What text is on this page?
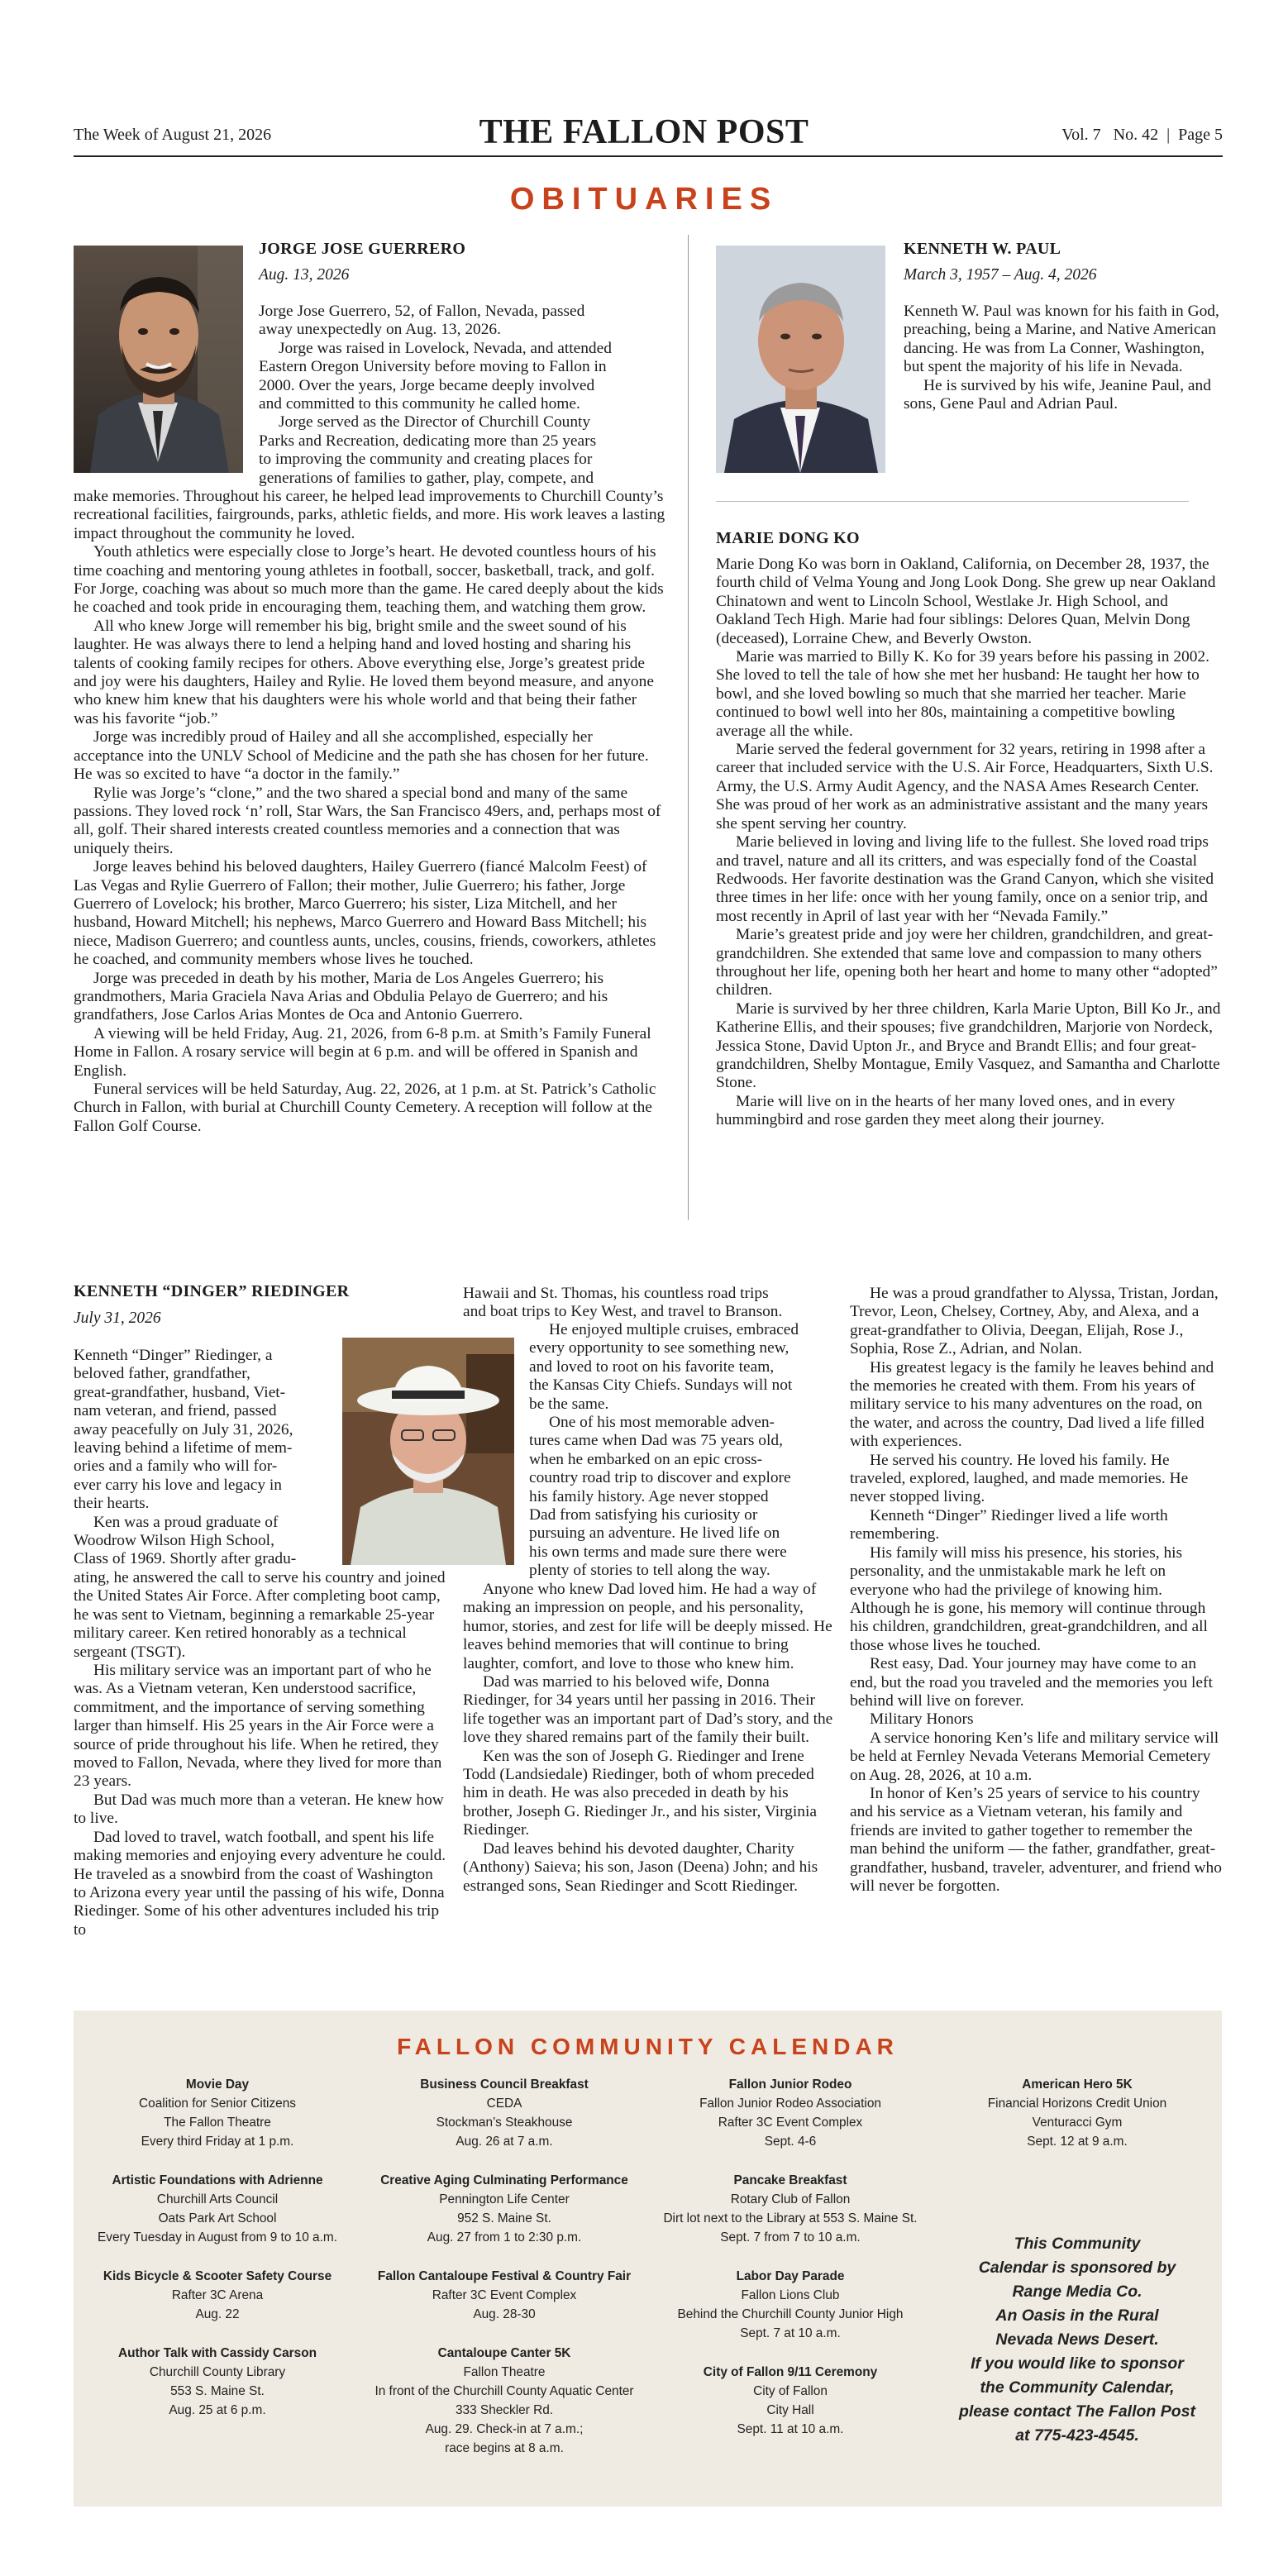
The Week of August 21, 2026	THE FALLON POST	Vol. 7   No. 42  |  Page 5
OBITUARIES
JORGE JOSE GUERRERO
Aug. 13, 2026
Jorge Jose Guerrero, 52, of Fallon, Nevada, passed
away unexpectedly on Aug. 13, 2026.
Jorge was raised in Lovelock, Nevada, and attended
Eastern Oregon University before moving to Fallon in
2000. Over the years, Jorge became deeply involved
and committed to this community he called home.
Jorge served as the Director of Churchill County
Parks and Recreation, dedicating more than 25 years
to improving the community and creating places for
generations of families to gather, play, compete, and

make memories. Throughout his career, he helped lead improvements to Churchill County’s recreational facilities, fairgrounds, parks, athletic fields, and more. His work leaves a lasting impact throughout the community he loved.

Youth athletics were especially close to Jorge’s heart. He devoted countless hours of his time coaching and mentoring young athletes in football, soccer, basketball, track, and golf. For Jorge, coaching was about so much more than the game. He cared deeply about the kids he coached and took pride in encouraging them, teaching them, and watching them grow.

All who knew Jorge will remember his big, bright smile and the sweet sound of his laughter. He was always there to lend a helping hand and loved hosting and sharing his talents of cooking family recipes for others. Above everything else, Jorge’s greatest pride and joy were his daughters, Hailey and Rylie. He loved them beyond measure, and anyone who knew him knew that his daughters were his whole world and that being their father was his favorite “job.”

Jorge was incredibly proud of Hailey and all she accomplished, especially her acceptance into the UNLV School of Medicine and the path she has chosen for her future. He was so excited to have “a doctor in the family.”

Rylie was Jorge’s “clone,” and the two shared a special bond and many of the same passions. They loved rock ‘n’ roll, Star Wars, the San Francisco 49ers, and, perhaps most of all, golf. Their shared interests created countless memories and a connection that was uniquely theirs.

Jorge leaves behind his beloved daughters, Hailey Guerrero (fiancé Malcolm Feest) of Las Vegas and Rylie Guerrero of Fallon; their mother, Julie Guerrero; his father, Jorge Guerrero of Lovelock; his brother, Marco Guerrero; his sister, Liza Mitchell, and her husband, Howard Mitchell; his nephews, Marco Guerrero and Howard Bass Mitchell; his niece, Madison Guerrero; and countless aunts, uncles, cousins, friends, coworkers, athletes he coached, and community members whose lives he touched.

Jorge was preceded in death by his mother, Maria de Los Angeles Guerrero; his grandmothers, Maria Graciela Nava Arias and Obdulia Pelayo de Guerrero; and his grandfathers, Jose Carlos Arias Montes de Oca and Antonio Guerrero.

A viewing will be held Friday, Aug. 21, 2026, from 6-8 p.m. at Smith’s Family Funeral Home in Fallon. A rosary service will begin at 6 p.m. and will be offered in Spanish and English.

Funeral services will be held Saturday, Aug. 22, 2026, at 1 p.m. at St. Patrick’s Catholic Church in Fallon, with burial at Churchill County Cemetery. A reception will follow at the Fallon Golf Course.

KENNETH W. PAUL
March 3, 1957 – Aug. 4, 2026

Kenneth W. Paul was known for his faith in God, preaching, being a Marine, and Native American dancing. He was from La Conner, Washington, but spent the majority of his life in Nevada.

He is survived by his wife, Jeanine Paul, and sons, Gene Paul and Adrian Paul.

MARIE DONG KO

Marie Dong Ko was born in Oakland, California, on December 28, 1937, the fourth child of Velma Young and Jong Look Dong. She grew up near Oakland Chinatown and went to Lincoln School, Westlake Jr. High School, and Oakland Tech High. Marie had four siblings: Delores Quan, Melvin Dong (deceased), Lorraine Chew, and Beverly Owston.

Marie was married to Billy K. Ko for 39 years before his passing in 2002. She loved to tell the tale of how she met her husband: He taught her how to bowl, and she loved bowling so much that she married her teacher. Marie continued to bowl well into her 80s, maintaining a competitive bowling average all the while.

Marie served the federal government for 32 years, retiring in 1998 after a career that included service with the U.S. Air Force, Headquarters, Sixth U.S. Army, the U.S. Army Audit Agency, and the NASA Ames Research Center. She was proud of her work as an administrative assistant and the many years she spent serving her country.

Marie believed in loving and living life to the fullest. She loved road trips and travel, nature and all its critters, and was especially fond of the Coastal Redwoods. Her favorite destination was the Grand Canyon, which she visited three times in her life: once with her young family, once on a senior trip, and most recently in April of last year with her “Nevada Family.”

Marie’s greatest pride and joy were her children, grandchildren, and great-grandchildren. She extended that same love and compassion to many others throughout her life, opening both her heart and home to many other “adopted” children.

Marie is survived by her three children, Karla Marie Upton, Bill Ko Jr., and Katherine Ellis, and their spouses; five grandchildren, Marjorie von Nordeck, Jessica Stone, David Upton Jr., and Bryce and Brandt Ellis; and four great-grandchildren, Shelby Montague, Emily Vasquez, and Samantha and Charlotte Stone.

Marie will live on in the hearts of her many loved ones, and in every hummingbird and rose garden they meet along their journey.

KENNETH “DINGER” RIEDINGER
July 31, 2026
Kenneth “Dinger” Riedinger, a
beloved father, grandfather,
great-grandfather, husband, Viet-
nam veteran, and friend, passed
away peacefully on July 31, 2026,
leaving behind a lifetime of mem-
ories and a family who will for-
ever carry his love and legacy in
their hearts.
Ken was a proud graduate of
Woodrow Wilson High School,
Class of 1969. Shortly after gradu-

ating, he answered the call to serve his country and joined the United States Air Force. After completing boot camp, he was sent to Vietnam, beginning a remarkable 25-year military career. Ken retired honorably as a technical sergeant (TSGT).

His military service was an important part of who he was. As a Vietnam veteran, Ken understood sacrifice, commitment, and the importance of serving something larger than himself. His 25 years in the Air Force were a source of pride throughout his life. When he retired, they moved to Fallon, Nevada, where they lived for more than 23 years.

But Dad was much more than a veteran. He knew how to live.

Dad loved to travel, watch football, and spent his life making memories and enjoying every adventure he could. He traveled as a snowbird from the coast of Washington to Arizona every year until the passing of his wife, Donna Riedinger. Some of his other adventures included his trip to

Hawaii and St. Thomas, his countless road trips
and boat trips to Key West, and travel to Branson.
He enjoyed multiple cruises, embraced
every opportunity to see something new,
and loved to root on his favorite team,
the Kansas City Chiefs. Sundays will not
be the same.
One of his most memorable adven-
tures came when Dad was 75 years old,
when he embarked on an epic cross-
country road trip to discover and explore
his family history. Age never stopped
Dad from satisfying his curiosity or
pursuing an adventure. He lived life on
his own terms and made sure there were
plenty of stories to tell along the way.

Anyone who knew Dad loved him. He had a way of making an impression on people, and his personality, humor, stories, and zest for life will be deeply missed. He leaves behind memories that will continue to bring laughter, comfort, and love to those who knew him.

Dad was married to his beloved wife, Donna Riedinger, for 34 years until her passing in 2016. Their life together was an important part of Dad’s story, and the love they shared remains part of the family their built.

Ken was the son of Joseph G. Riedinger and Irene Todd (Landsiedale) Riedinger, both of whom preceded him in death. He was also preceded in death by his brother, Joseph G. Riedinger Jr., and his sister, Virginia Riedinger.

Dad leaves behind his devoted daughter, Charity (Anthony) Saieva; his son, Jason (Deena) John; and his estranged sons, Sean Riedinger and Scott Riedinger.

He was a proud grandfather to Alyssa, Tristan, Jordan, Trevor, Leon, Chelsey, Cortney, Aby, and Alexa, and a great-grandfather to Olivia, Deegan, Elijah, Rose J., Sophia, Rose Z., Adrian, and Nolan.

His greatest legacy is the family he leaves behind and the memories he created with them. From his years of military service to his many adventures on the road, on the water, and across the country, Dad lived a life filled with experiences.

He served his country. He loved his family. He traveled, explored, laughed, and made memories. He never stopped living.

Kenneth “Dinger” Riedinger lived a life worth remembering.

His family will miss his presence, his stories, his personality, and the unmistakable mark he left on everyone who had the privilege of knowing him. Although he is gone, his memory will continue through his children, grandchildren, great-grandchildren, and all those whose lives he touched.

Rest easy, Dad. Your journey may have come to an end, but the road you traveled and the memories you left behind will live on forever.

Military Honors

A service honoring Ken’s life and military service will be held at Fernley Nevada Veterans Memorial Cemetery on Aug. 28, 2026, at 10 a.m.

In honor of Ken’s 25 years of service to his country and his service as a Vietnam veteran, his family and friends are invited to gather together to remember the man behind the uniform — the father, grandfather, great-grandfather, husband, traveler, adventurer, and friend who will never be forgotten.

FALLON COMMUNITY CALENDAR
Movie Day
Coalition for Senior Citizens
The Fallon Theatre
Every third Friday at 1 p.m.
Artistic Foundations with Adrienne
Churchill Arts Council
Oats Park Art School
Every Tuesday in August from 9 to 10 a.m.
Kids Bicycle & Scooter Safety Course
Rafter 3C Arena
Aug. 22
Author Talk with Cassidy Carson
Churchill County Library
553 S. Maine St.
Aug. 25 at 6 p.m.
Business Council Breakfast
CEDA
Stockman’s Steakhouse
Aug. 26 at 7 a.m.
Creative Aging Culminating Performance
Pennington Life Center
952 S. Maine St.
Aug. 27 from 1 to 2:30 p.m.
Fallon Cantaloupe Festival & Country Fair
Rafter 3C Event Complex
Aug. 28-30
Cantaloupe Canter 5K
Fallon Theatre
In front of the Churchill County Aquatic Center
333 Sheckler Rd.
Aug. 29. Check-in at 7 a.m.;
race begins at 8 a.m.
Fallon Junior Rodeo
Fallon Junior Rodeo Association
Rafter 3C Event Complex
Sept. 4-6
Pancake Breakfast
Rotary Club of Fallon
Dirt lot next to the Library at 553 S. Maine St.
Sept. 7 from 7 to 10 a.m.
Labor Day Parade
Fallon Lions Club
Behind the Churchill County Junior High
Sept. 7 at 10 a.m.
City of Fallon 9/11 Ceremony
City of Fallon
City Hall
Sept. 11 at 10 a.m.
American Hero 5K
Financial Horizons Credit Union
Venturacci Gym
Sept. 12 at 9 a.m.
This Community
Calendar is sponsored by
Range Media Co.
An Oasis in the Rural
Nevada News Desert.
If you would like to sponsor
the Community Calendar,
please contact The Fallon Post
at 775-423-4545.
